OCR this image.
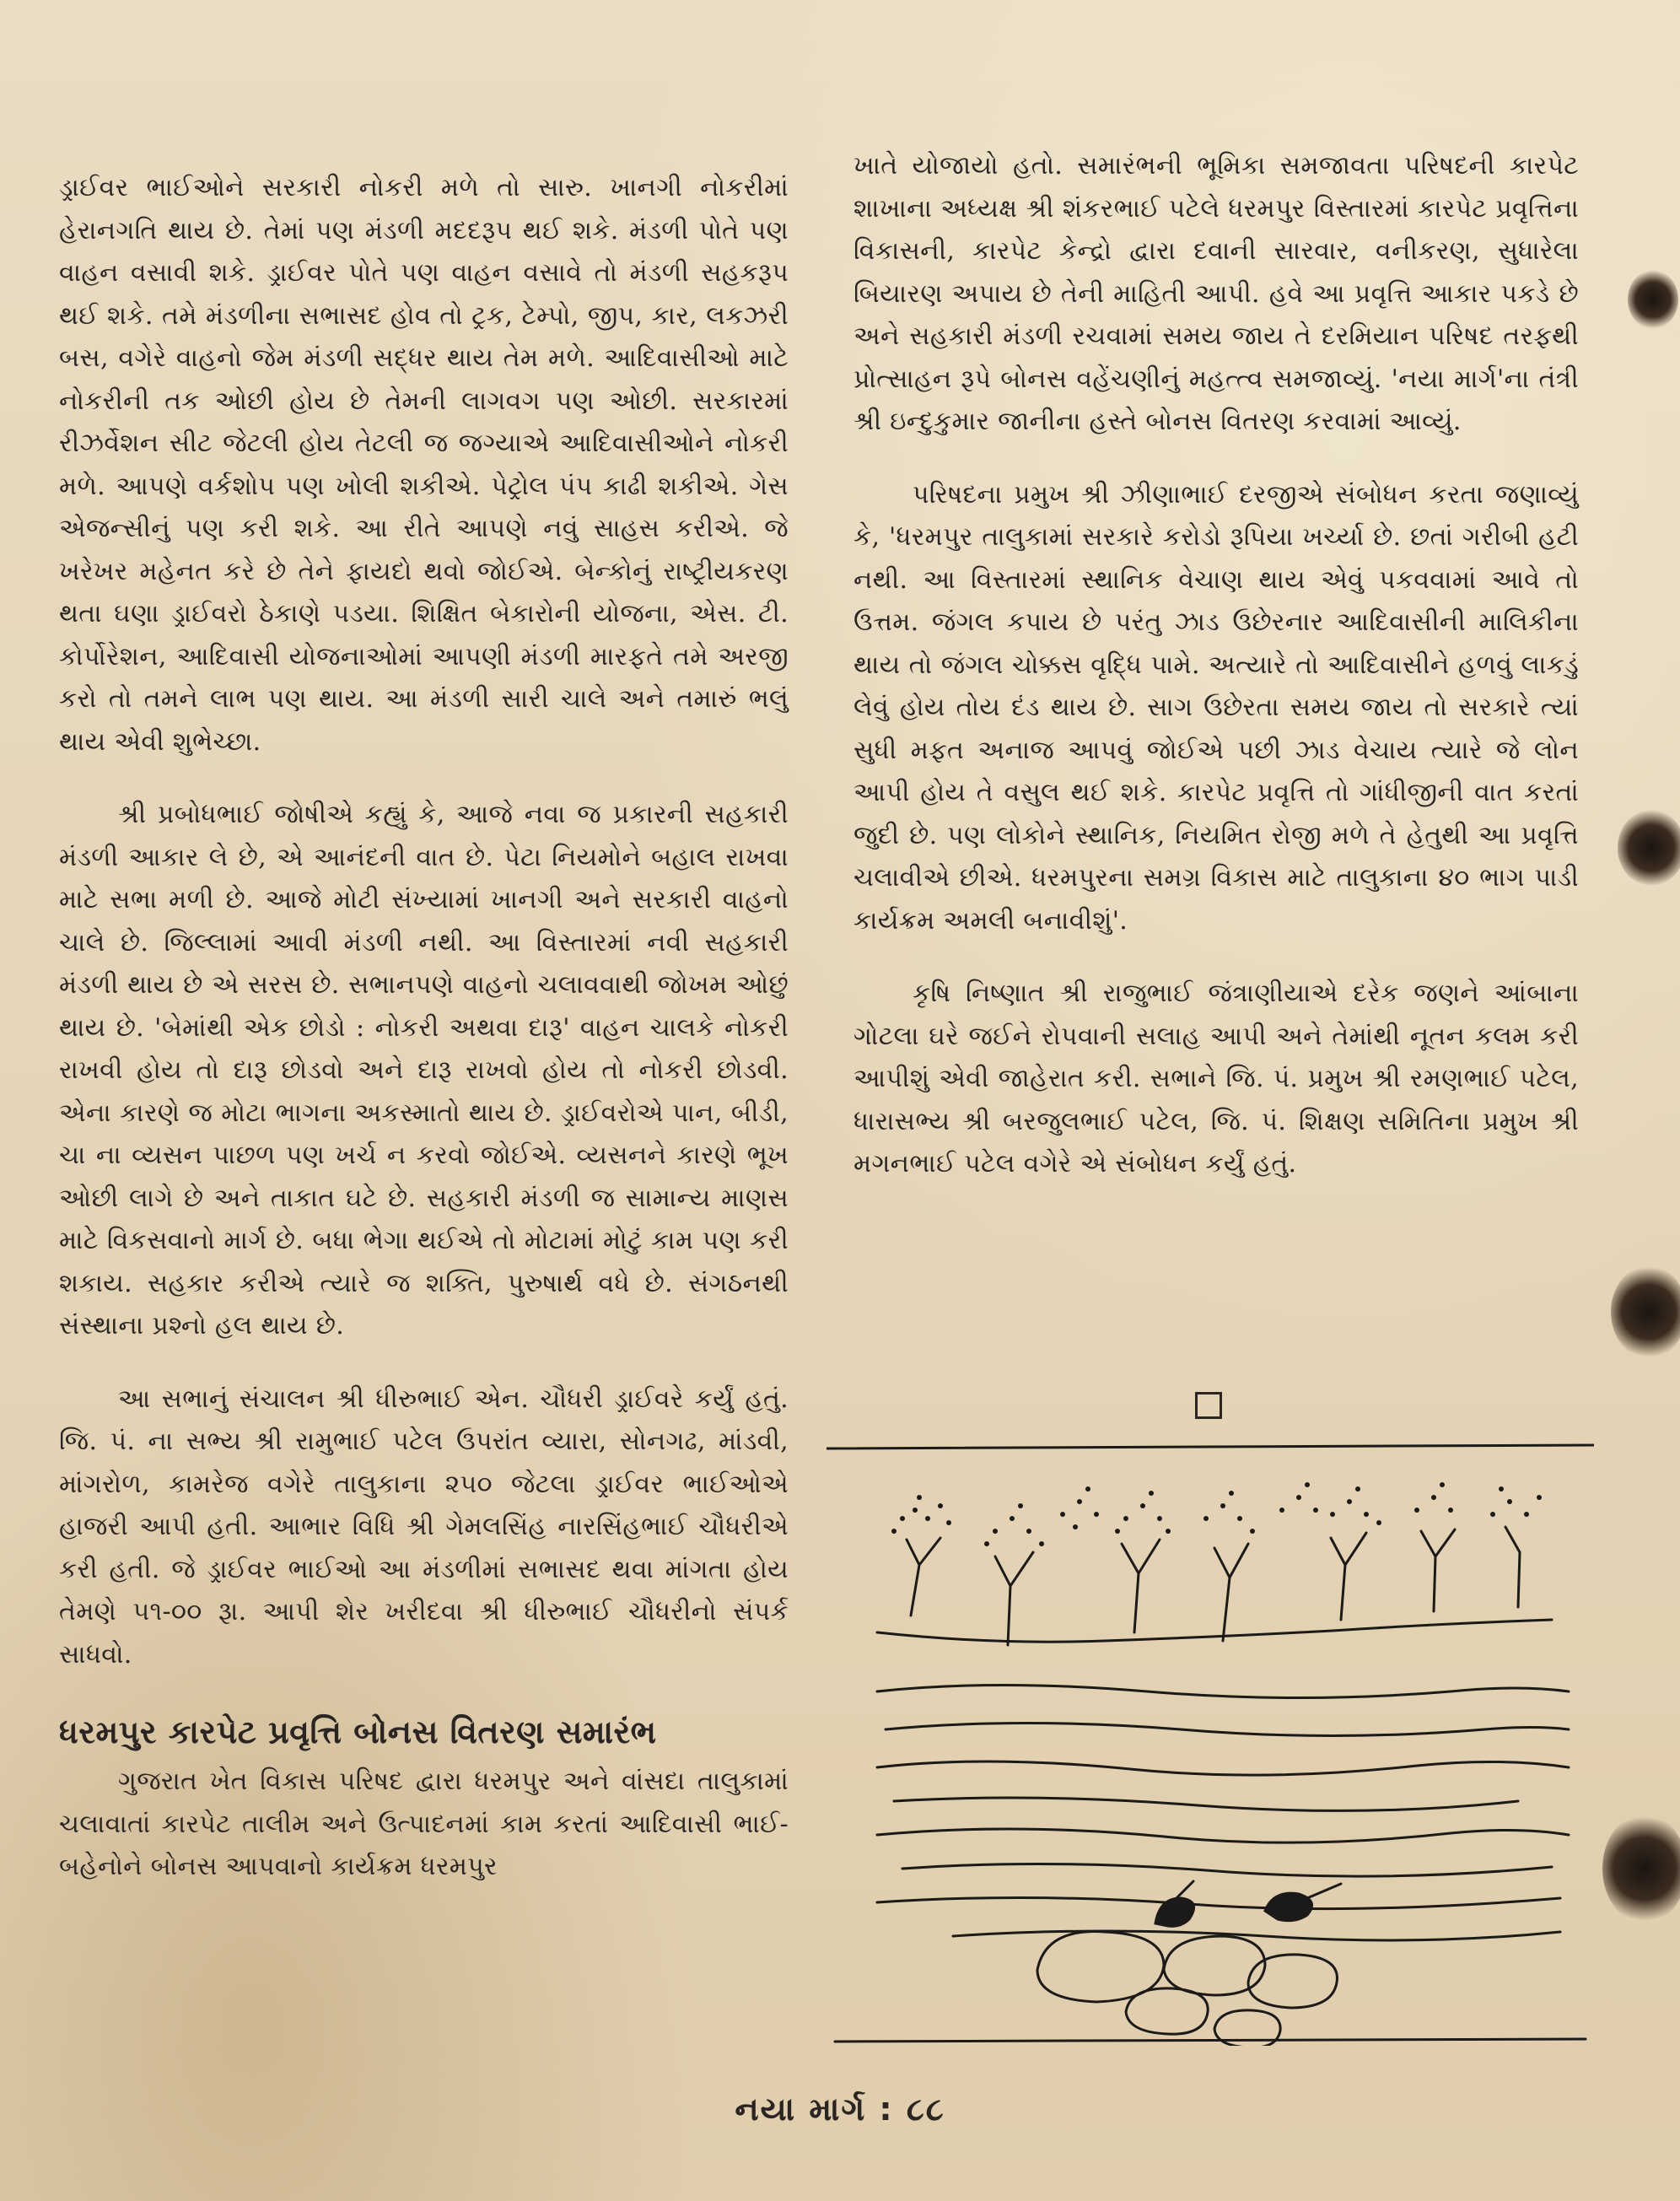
ડ્રાઈવર ભાઈઓને સરકારી નોકરી મળે તો સારુ. ખાનગી નોકરીમાં હેરાનગતિ થાય છે. તેમાં પણ મંડળી મદદરૂપ થઈ શકે. મંડળી પોતે પણ વાહન વસાવી શકે. ડ્રાઈવર પોતે પણ વાહન વસાવે તો મંડળી સહકરૂપ થઈ શકે. તમે મંડળીના સભાસદ હોવ તો ટ્રક, ટેમ્પો, જીપ, કાર, લકઝરી બસ, વગેરે વાહનો જેમ મંડળી સદ્ધર થાય તેમ મળે. આદિવાસીઓ માટે નોકરીની તક ઓછી હોય છે તેમની લાગવગ પણ ઓછી. સરકારમાં રીઝર્વેશન સીટ જેટલી હોય તેટલી જ જગ્યાએ આદિવાસીઓને નોકરી મળે. આપણે વર્કશોપ પણ ખોલી શકીએ. પેટ્રોલ પંપ કાઢી શકીએ. ગેસ એજન્સીનું પણ કરી શકે. આ રીતે આપણે નવું સાહસ કરીએ. જે ખરેખર મહેનત કરે છે તેને ફાયદો થવો જોઈએ. બેન્કોનું રાષ્ટ્રીયકરણ થતા ઘણા ડ્રાઈવરો ઠેકાણે પડયા. શિક્ષિત બેકારોની યોજના, એસ. ટી. કોર્પોરેશન, આદિવાસી યોજનાઓમાં આપણી મંડળી મારફતે તમે અરજી કરો તો તમને લાભ પણ થાય. આ મંડળી સારી ચાલે અને તમારું ભલું થાય એવી શુભેચ્છા.

શ્રી પ્રબોધભાઈ જોષીએ કહ્યું કે, આજે નવા જ પ્રકારની સહકારી મંડળી આકાર લે છે, એ આનંદની વાત છે. પેટા નિયમોને બહાલ રાખવા માટે સભા મળી છે. આજે મોટી સંખ્યામાં ખાનગી અને સરકારી વાહનો ચાલે છે. જિલ્લામાં આવી મંડળી નથી. આ વિસ્તારમાં નવી સહકારી મંડળી થાય છે એ સરસ છે. સભાનપણે વાહનો ચલાવવાથી જોખમ ઓછું થાય છે. 'બેમાંથી એક છોડો : નોકરી અથવા દારૂ' વાહન ચાલકે નોકરી રાખવી હોય તો દારૂ છોડવો અને દારૂ રાખવો હોય તો નોકરી છોડવી. એના કારણે જ મોટા ભાગના અકસ્માતો થાય છે. ડ્રાઈવરોએ પાન, બીડી, ચા ના વ્યસન પાછળ પણ ખર્ચ ન કરવો જોઈએ. વ્યસનને કારણે ભૂખ ઓછી લાગે છે અને તાકાત ઘટે છે. સહકારી મંડળી જ સામાન્ય માણસ માટે વિકસવાનો માર્ગ છે. બધા ભેગા થઈએ તો મોટામાં મોટું કામ પણ કરી શકાય. સહકાર કરીએ ત્યારે જ શક્તિ, પુરુષાર્થ વધે છે. સંગઠનથી સંસ્થાના પ્રશ્નો હલ થાય છે.

આ સભાનું સંચાલન શ્રી ધીરુભાઈ એન. ચૌધરી ડ્રાઈવરે કર્યું હતું. જિ. પં. ના સભ્ય શ્રી રામુભાઈ પટેલ ઉપરાંત વ્યારા, સોનગઢ, માંડવી, માંગરોળ, કામરેજ વગેરે તાલુકાના ૨૫૦ જેટલા ડ્રાઈવર ભાઈઓએ હાજરી આપી હતી. આભાર વિધિ શ્રી ગેમલસિંહ નારસિંહભાઈ ચૌધરીએ કરી હતી. જે ડ્રાઈવર ભાઈઓ આ મંડળીમાં સભાસદ થવા માંગતા હોય તેમણે ૫૧-૦૦ રૂા. આપી શેર ખરીદવા શ્રી ધીરુભાઈ ચૌધરીનો સંપર્ક સાધવો.

ધરમપુર કારપેટ પ્રવૃત્તિ બોનસ વિતરણ સમારંભ

ગુજરાત ખેત વિકાસ પરિષદ દ્વારા ધરમપુર અને વાંસદા તાલુકામાં ચલાવાતાં કારપેટ તાલીમ અને ઉત્પાદનમાં કામ કરતાં આદિવાસી ભાઈ-બહેનોને બોનસ આપવાનો કાર્યક્રમ ધરમપુર

ખાતે યોજાયો હતો. સમારંભની ભૂમિકા સમજાવતા પરિષદની કારપેટ શાખાના અધ્યક્ષ શ્રી શંકરભાઈ પટેલે ધરમપુર વિસ્તારમાં કારપેટ પ્રવૃત્તિના વિકાસની, કારપેટ કેન્દ્રો દ્વારા દવાની સારવાર, વનીકરણ, સુધારેલા બિયારણ અપાય છે તેની માહિતી આપી. હવે આ પ્રવૃત્તિ આકાર પકડે છે અને સહકારી મંડળી રચવામાં સમય જાય તે દરમિયાન પરિષદ તરફથી પ્રોત્સાહન રૂપે બોનસ વહેંચણીનું મહત્ત્વ સમજાવ્યું. 'નયા માર્ગ'ના તંત્રી શ્રી ઇન્દુકુમાર જાનીના હસ્તે બોનસ વિતરણ કરવામાં આવ્યું.

પરિષદના પ્રમુખ શ્રી ઝીણાભાઈ દરજીએ સંબોધન કરતા જણાવ્યું કે, 'ધરમપુર તાલુકામાં સરકારે કરોડો રૂપિયા ખર્ચ્યા છે. છતાં ગરીબી હટી નથી. આ વિસ્તારમાં સ્થાનિક વેચાણ થાય એવું પકવવામાં આવે તો ઉત્તમ. જંગલ કપાય છે પરંતુ ઝાડ ઉછેરનાર આદિવાસીની માલિકીના થાય તો જંગલ ચોક્કસ વૃદ્ધિ પામે. અત્યારે તો આદિવાસીને હળવું લાકડું લેવું હોય તોય દંડ થાય છે. સાગ ઉછેરતા સમય જાય તો સરકારે ત્યાં સુધી મફત અનાજ આપવું જોઈએ પછી ઝાડ વેચાય ત્યારે જે લોન આપી હોય તે વસુલ થઈ શકે. કારપેટ પ્રવૃત્તિ તો ગાંધીજીની વાત કરતાં જુદી છે. પણ લોકોને સ્થાનિક, નિયમિત રોજી મળે તે હેતુથી આ પ્રવૃત્તિ ચલાવીએ છીએ. ધરમપુરના સમગ્ર વિકાસ માટે તાલુકાના ૪૦ ભાગ પાડી કાર્યક્રમ અમલી બનાવીશું'.

કૃષિ નિષ્ણાત શ્રી રાજુભાઈ જંત્રાણીયાએ દરેક જણને આંબાના ગોટલા ઘરે જઈને રોપવાની સલાહ આપી અને તેમાંથી નૂતન કલમ કરી આપીશું એવી જાહેરાત કરી. સભાને જિ. પં. પ્રમુખ શ્રી રમણભાઈ પટેલ, ધારાસભ્ય શ્રી બરજુલભાઈ પટેલ, જિ. પં. શિક્ષણ સમિતિના પ્રમુખ શ્રી મગનભાઈ પટેલ વગેરે એ સંબોધન કર્યું હતું.

નયા માર્ગ : ૮૮
